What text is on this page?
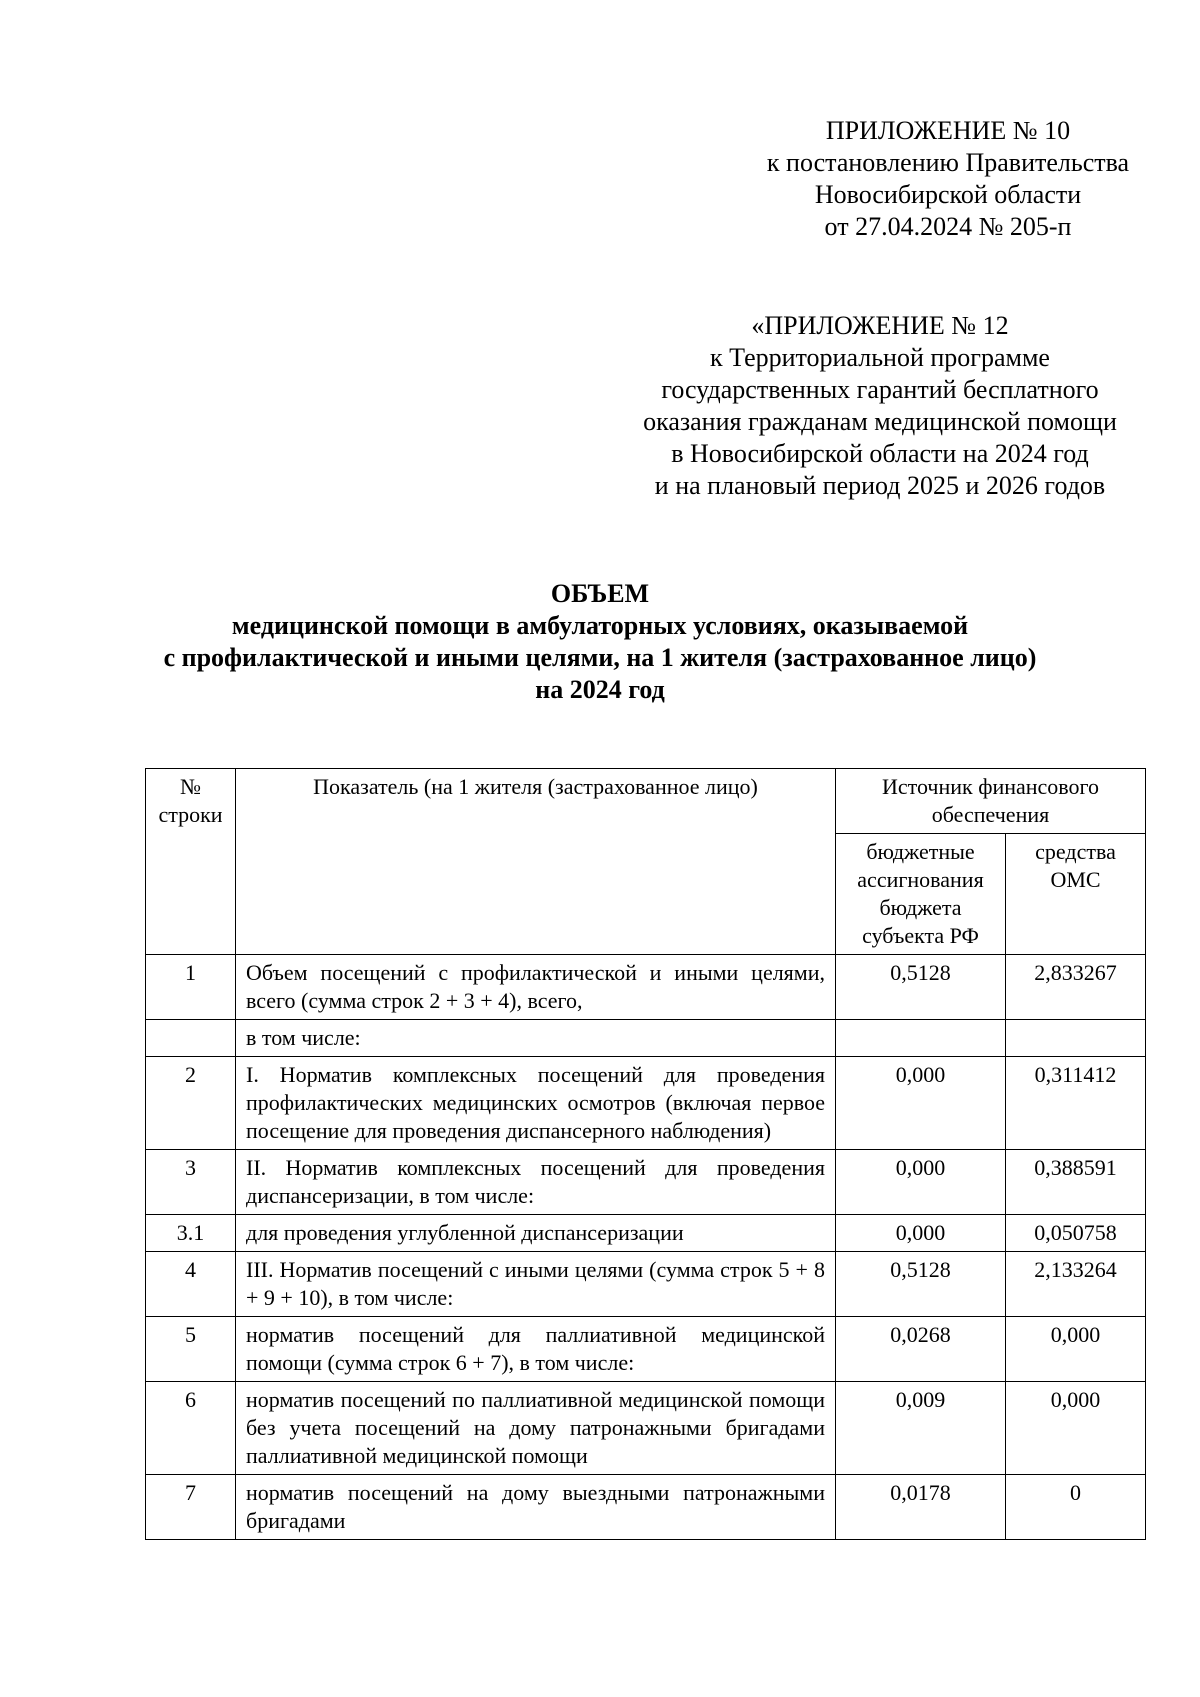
ПРИЛОЖЕНИЕ № 10
к постановлению Правительства
Новосибирской области
от 27.04.2024 № 205-п
«ПРИЛОЖЕНИЕ № 12
к Территориальной программе
государственных гарантий бесплатного
оказания гражданам медицинской помощи
в Новосибирской области на 2024 год
и на плановый период 2025 и 2026 годов
ОБЪЕМ
медицинской помощи в амбулаторных условиях, оказываемой
с профилактической и иными целями, на 1 жителя (застрахованное лицо)
на 2024 год
№ строки	Показатель (на 1 жителя (застрахованное лицо)	Источник финансового обеспечения	
		бюджетные ассигнования бюджета субъекта РФ	средства ОМС
1	Объем посещений с профилактической и иными целями, всего (сумма строк 2 + 3 + 4), всего,	0,5128	2,833267
	в том числе:		
2	I. Норматив комплексных посещений для проведения профилактических медицинских осмотров (включая первое посещение для проведения диспансерного наблюдения)	0,000	0,311412
3	II. Норматив комплексных посещений для проведения диспансеризации, в том числе:	0,000	0,388591
3.1	для проведения углубленной диспансеризации	0,000	0,050758
4	III. Норматив посещений с иными целями (сумма строк 5 + 8 + 9 + 10), в том числе:	0,5128	2,133264
5	норматив посещений для паллиативной медицинской помощи (сумма строк 6 + 7), в том числе:	0,0268	0,000
6	норматив посещений по паллиативной медицинской помощи без учета посещений на дому патронажными бригадами паллиативной медицинской помощи	0,009	0,000
7	норматив посещений на дому выездными патронажными бригадами	0,0178	0
